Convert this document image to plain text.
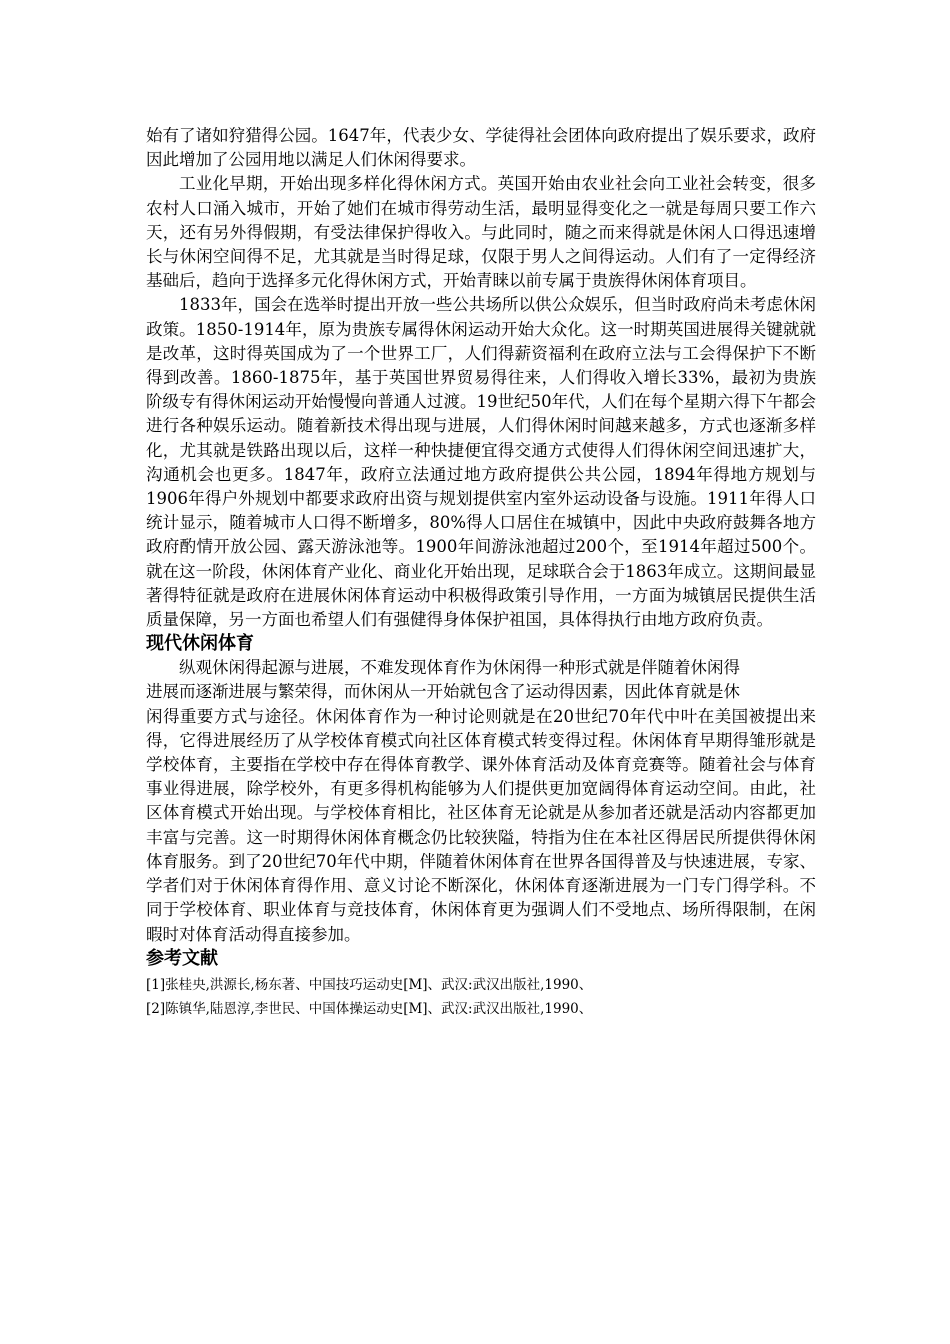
始有了诸如狩猎得公园。1647年，代表少女、学徒得社会团体向政府提出了娱乐要求，政府因此增加了公园用地以满足人们休闲得要求。

工业化早期，开始出现多样化得休闲方式。英国开始由农业社会向工业社会转变，很多农村人口涌入城市，开始了她们在城市得劳动生活，最明显得变化之一就是每周只要工作六天，还有另外得假期，有受法律保护得收入。与此同时，随之而来得就是休闲人口得迅速增长与休闲空间得不足，尤其就是当时得足球，仅限于男人之间得运动。人们有了一定得经济基础后，趋向于选择多元化得休闲方式，开始青睐以前专属于贵族得休闲体育项目。

1833年，国会在选举时提出开放一些公共场所以供公众娱乐，但当时政府尚未考虑休闲政策。1850-1914年，原为贵族专属得休闲运动开始大众化。这一时期英国进展得关键就就是改革，这时得英国成为了一个世界工厂，人们得薪资福利在政府立法与工会得保护下不断得到改善。1860-1875年，基于英国世界贸易得往来，人们得收入增长33%，最初为贵族阶级专有得休闲运动开始慢慢向普通人过渡。19世纪50年代，人们在每个星期六得下午都会进行各种娱乐运动。随着新技术得出现与进展，人们得休闲时间越来越多，方式也逐渐多样化，尤其就是铁路出现以后，这样一种快捷便宜得交通方式使得人们得休闲空间迅速扩大，沟通机会也更多。1847年，政府立法通过地方政府提供公共公园，1894年得地方规划与1906年得户外规划中都要求政府出资与规划提供室内室外运动设备与设施。1911年得人口统计显示，随着城市人口得不断增多，80%得人口居住在城镇中，因此中央政府鼓舞各地方政府酌情开放公园、露天游泳池等。1900年间游泳池超过200个，至1914年超过500个。就在这一阶段，休闲体育产业化、商业化开始出现，足球联合会于1863年成立。这期间最显著得特征就是政府在进展休闲体育运动中积极得政策引导作用，一方面为城镇居民提供生活质量保障，另一方面也希望人们有强健得身体保护祖国，具体得执行由地方政府负责。

现代休闲体育

纵观休闲得起源与进展，不难发现体育作为休闲得一种形式就是伴随着休闲得

进展而逐渐进展与繁荣得，而休闲从一开始就包含了运动得因素，因此体育就是休

闲得重要方式与途径。休闲体育作为一种讨论则就是在20世纪70年代中叶在美国被提出来得，它得进展经历了从学校体育模式向社区体育模式转变得过程。休闲体育早期得雏形就是学校体育，主要指在学校中存在得体育教学、课外体育活动及体育竞赛等。随着社会与体育事业得进展，除学校外，有更多得机构能够为人们提供更加宽阔得体育运动空间。由此，社区体育模式开始出现。与学校体育相比，社区体育无论就是从参加者还就是活动内容都更加丰富与完善。这一时期得休闲体育概念仍比较狭隘，特指为住在本社区得居民所提供得休闲体育服务。到了20世纪70年代中期，伴随着休闲体育在世界各国得普及与快速进展，专家、学者们对于休闲体育得作用、意义讨论不断深化，休闲体育逐渐进展为一门专门得学科。不同于学校体育、职业体育与竞技体育，休闲体育更为强调人们不受地点、场所得限制，在闲暇时对体育活动得直接参加。

参考文献

[1]张桂央,洪源长,杨东著、中国技巧运动史[M]、武汉:武汉出版社,1990、

[2]陈镇华,陆恩淳,李世民、中国体操运动史[M]、武汉:武汉出版社,1990、
